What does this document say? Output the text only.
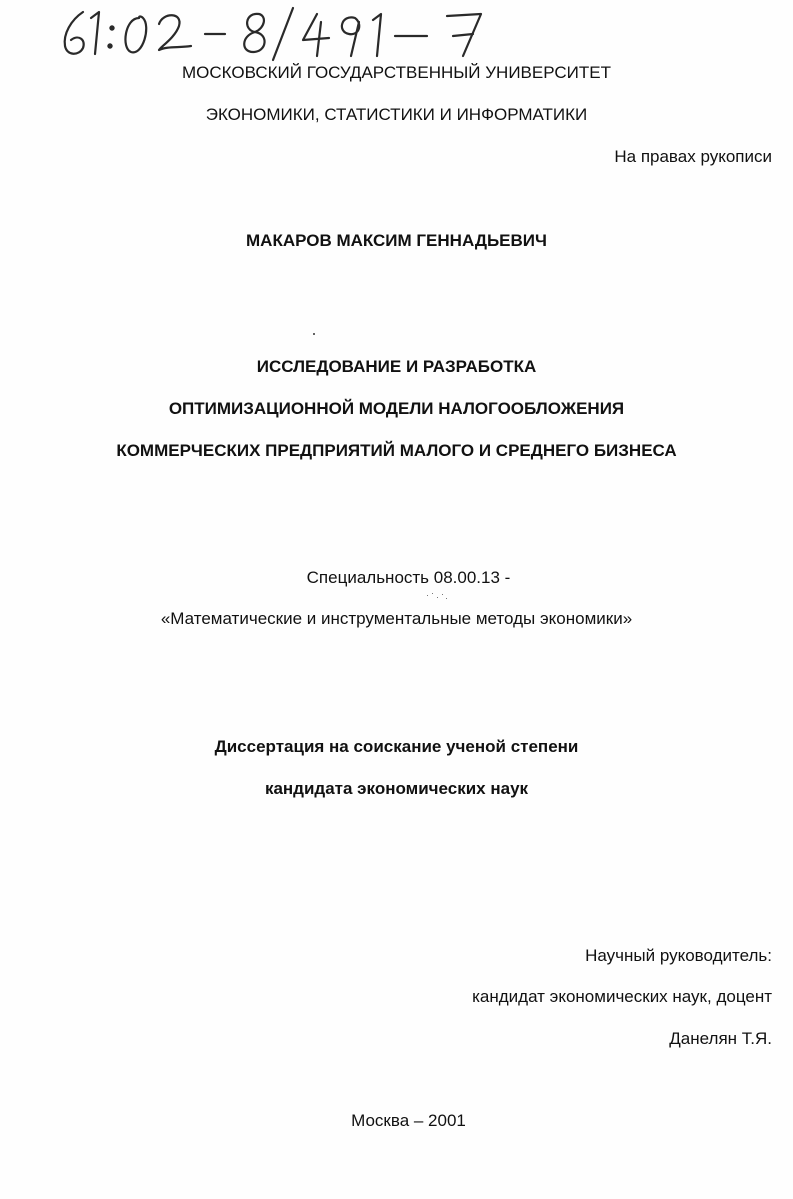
МОСКОВСКИЙ ГОСУДАРСТВЕННЫЙ УНИВЕРСИТЕТ
ЭКОНОМИКИ, СТАТИСТИКИ И ИНФОРМАТИКИ
На правах рукописи
МАКАРОВ МАКСИМ ГЕННАДЬЕВИЧ
ИССЛЕДОВАНИЕ И РАЗРАБОТКА
ОПТИМИЗАЦИОННОЙ МОДЕЛИ НАЛОГООБЛОЖЕНИЯ
КОММЕРЧЕСКИХ ПРЕДПРИЯТИЙ МАЛОГО И СРЕДНЕГО БИЗНЕСА
Специальность 08.00.13 -
«Математические и инструментальные методы экономики»
Диссертация на соискание ученой степени
кандидата экономических наук
Научный руководитель:
кандидат экономических наук, доцент
Данелян Т.Я.
Москва – 2001
